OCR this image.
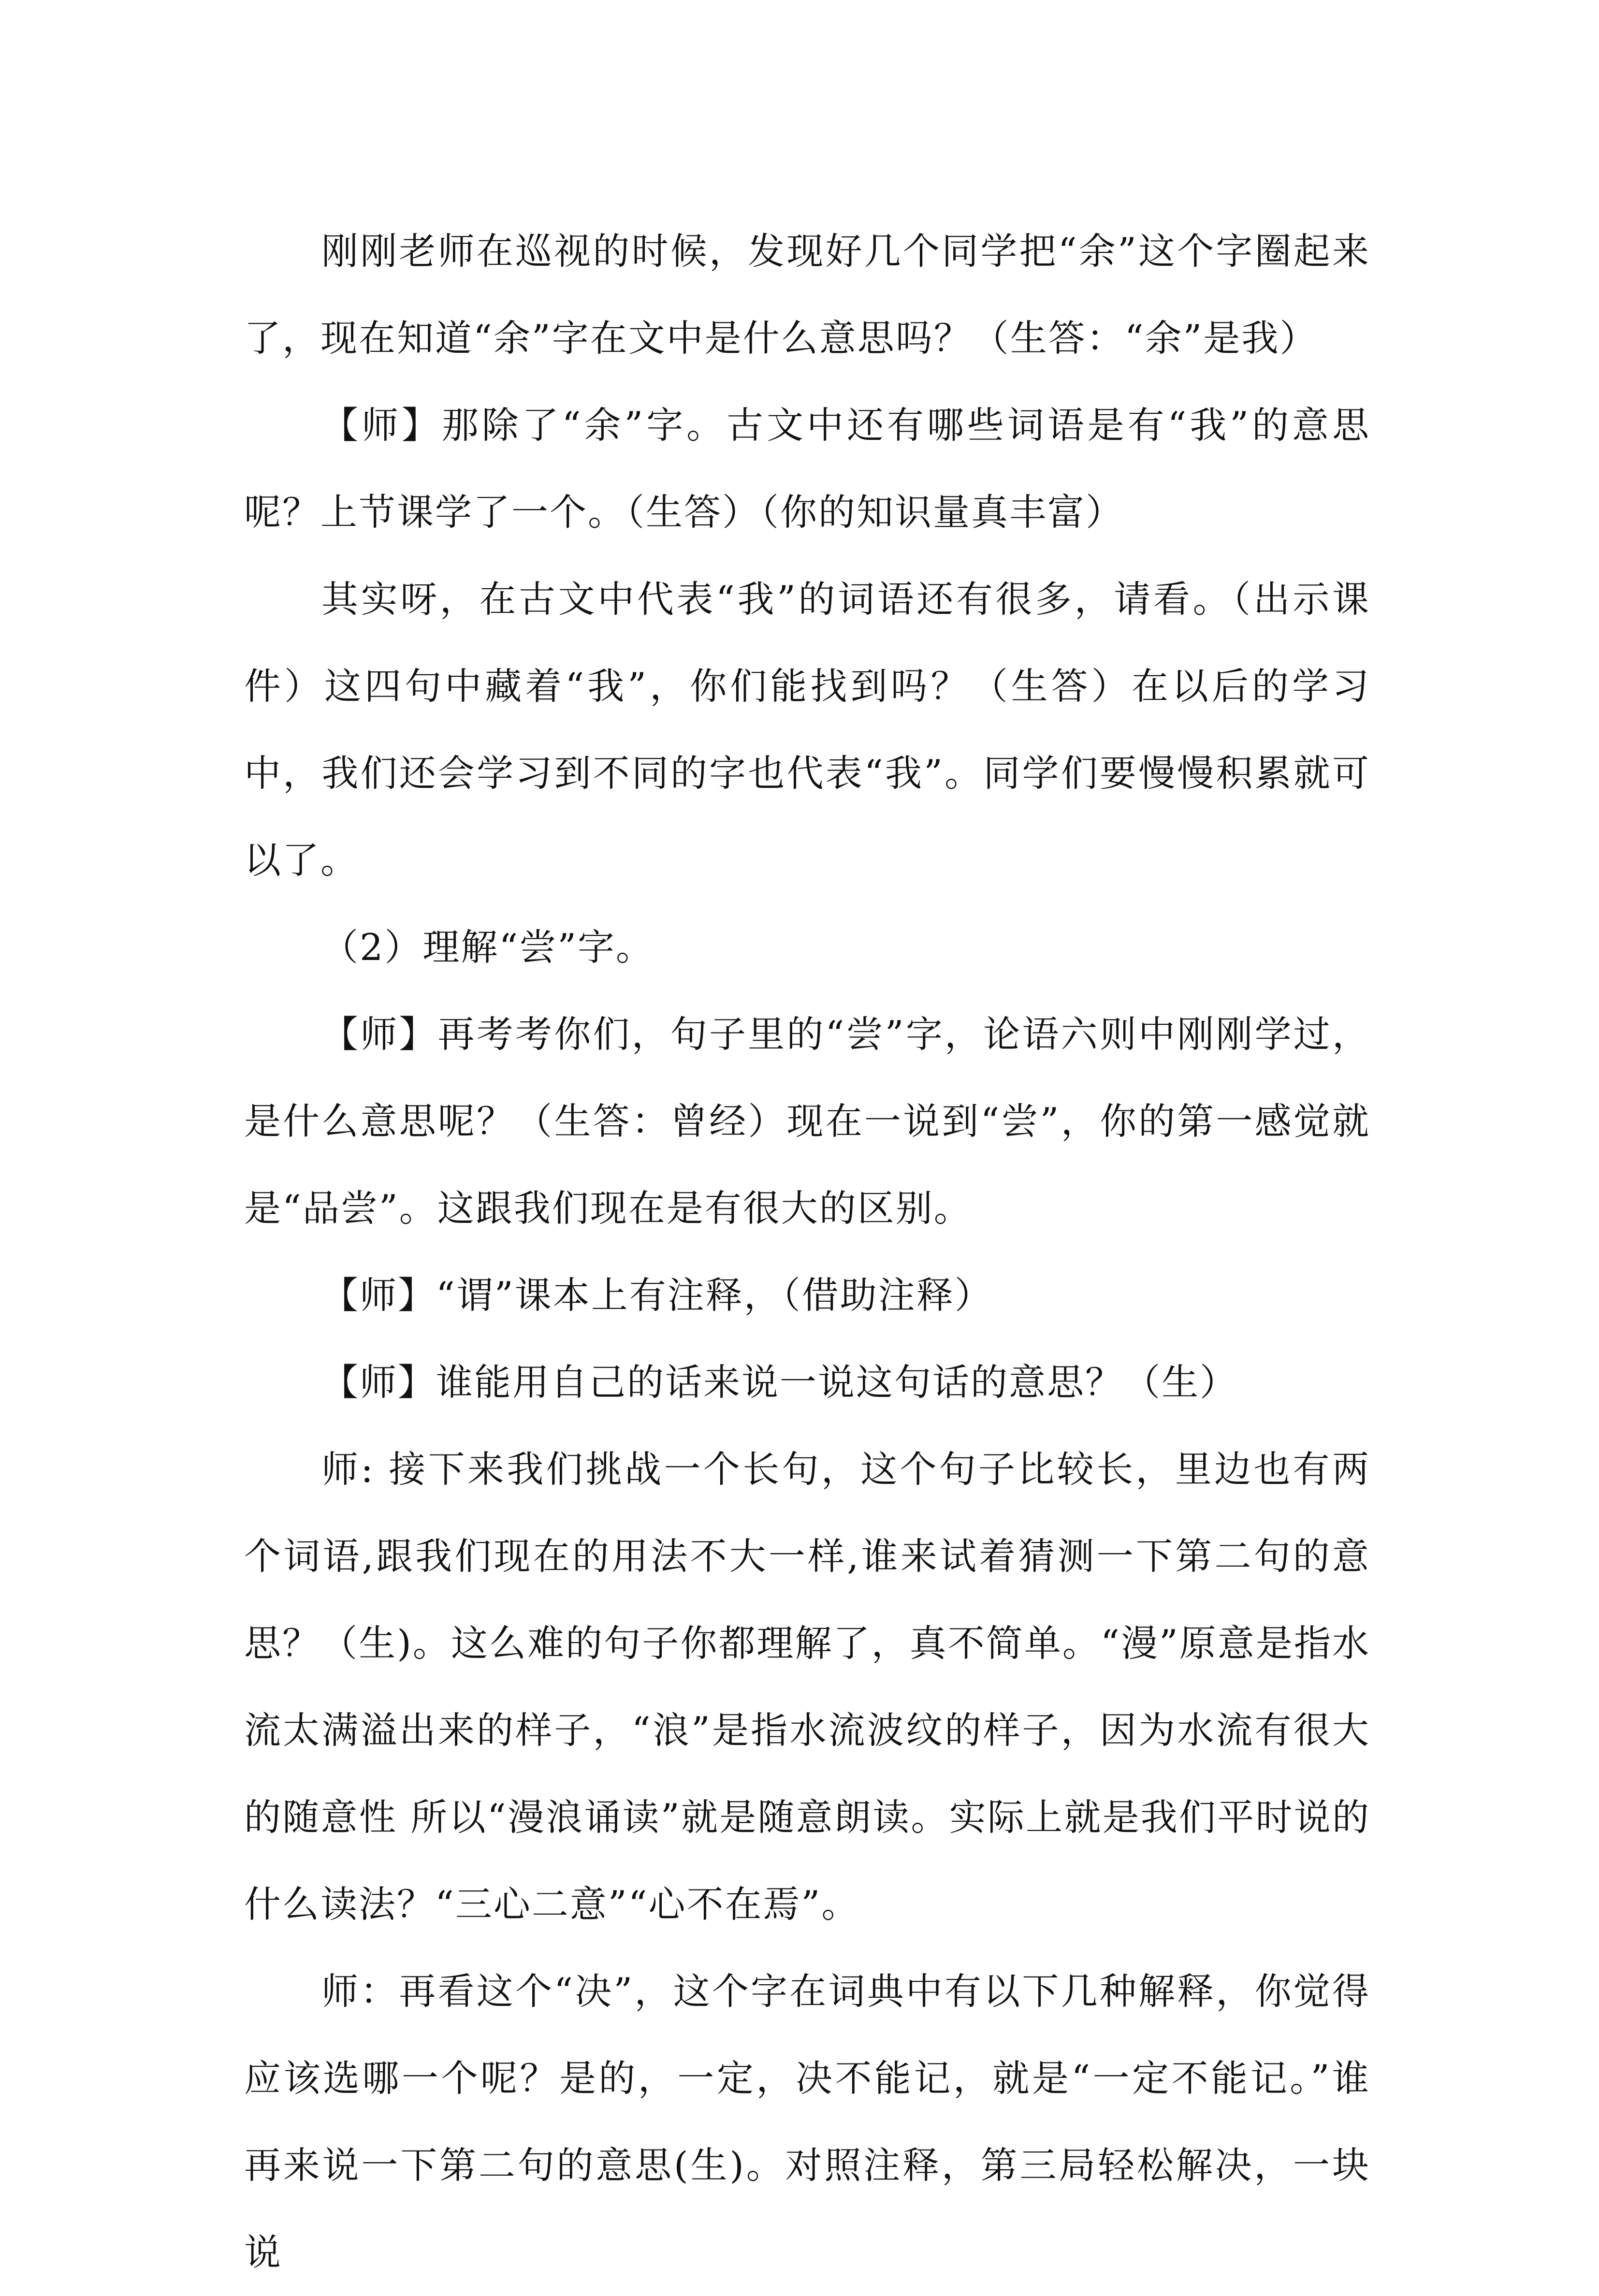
刚刚老师在巡视的时候，发现好几个同学把“余”这个字圈起来了，现在知道“余”字在文中是什么意思吗？（生答：“余”是我）

【师】那除了“余”字。古文中还有哪些词语是有“我”的意思呢？上节课学了一个。（生答）（你的知识量真丰富）

其实呀，在古文中代表“我”的词语还有很多，请看。（出示课件）这四句中藏着“我”，你们能找到吗？（生答）在以后的学习中，我们还会学习到不同的字也代表“我”。同学们要慢慢积累就可以了。

（2）理解“尝”字。

【师】再考考你们，句子里的“尝”字，论语六则中刚刚学过，是什么意思呢？（生答：曾经）现在一说到“尝”，你的第一感觉就是“品尝”。这跟我们现在是有很大的区别。

【师】“谓”课本上有注释，（借助注释）

【师】谁能用自己的话来说一说这句话的意思？（生）

师: 接下来我们挑战一个长句，这个句子比较长，里边也有两个词语,跟我们现在的用法不大一样,谁来试着猜测一下第二句的意思？（生)。这么难的句子你都理解了，真不简单。“漫”原意是指水流太满溢出来的样子，“浪”是指水流波纹的样子，因为水流有很大的随意性 所以“漫浪诵读”就是随意朗读。实际上就是我们平时说的什么读法？“三心二意”“心不在焉”。

师：再看这个“决”，这个字在词典中有以下几种解释，你觉得应该选哪一个呢？是的，一定，决不能记，就是“一定不能记。”谁再来说一下第二句的意思(生)。对照注释，第三局轻松解决，一块说
